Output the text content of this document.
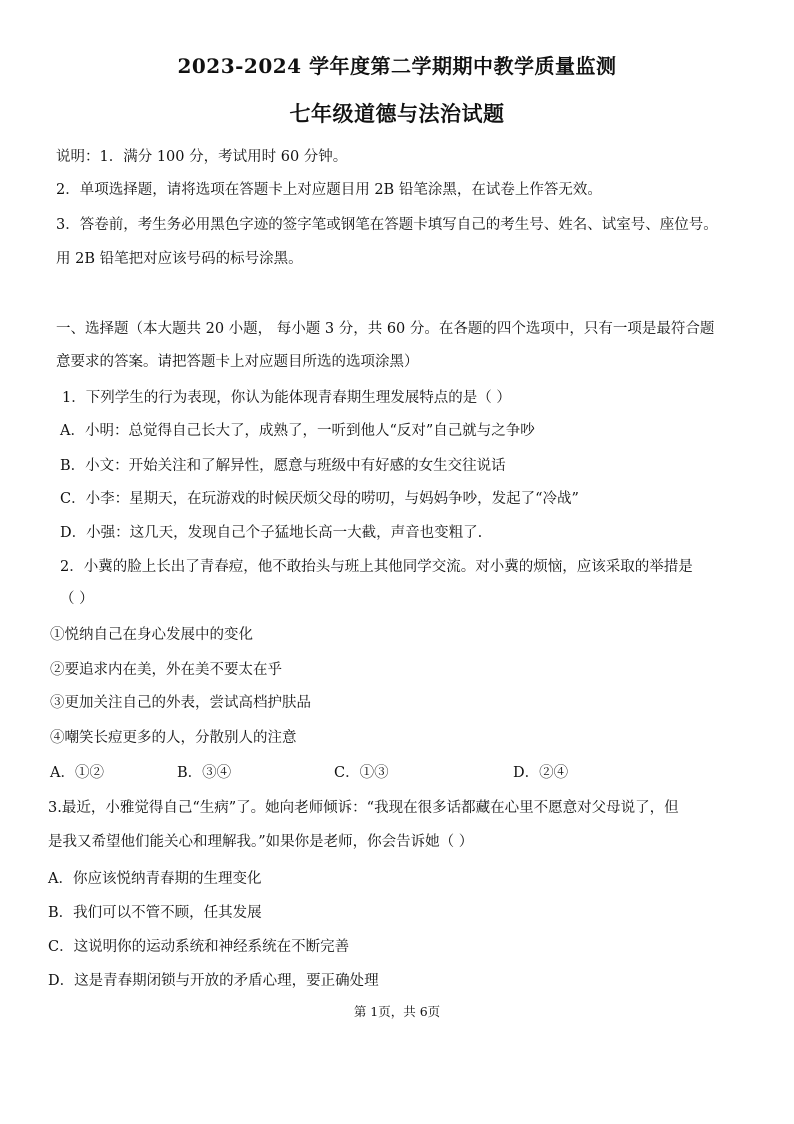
2023-2024 学年度第二学期期中教学质量监测
七年级道德与法治试题
说明：1．满分 100 分，考试用时 60 分钟。
2．单项选择题，请将选项在答题卡上对应题目用 2B 铅笔涂黑，在试卷上作答无效。
3．答卷前，考生务必用黑色字迹的签字笔或钢笔在答题卡填写自己的考生号、姓名、试室号、座位号。
用 2B 铅笔把对应该号码的标号涂黑。
一、选择题（本大题共 20 小题， 每小题 3 分，共 60 分。在各题的四个选项中，只有一项是最符合题
意要求的答案。请把答题卡上对应题目所选的选项涂黑）
1．下列学生的行为表现，你认为能体现青春期生理发展特点的是（ ）
A．小明：总觉得自己长大了，成熟了，一听到他人“反对”自己就与之争吵
B．小文：开始关注和了解异性，愿意与班级中有好感的女生交往说话
C．小李：星期天，在玩游戏的时候厌烦父母的唠叨，与妈妈争吵，发起了“冷战”
D．小强：这几天，发现自己个子猛地长高一大截，声音也变粗了.
2．小冀的脸上长出了青春痘，他不敢抬头与班上其他同学交流。对小冀的烦恼，应该采取的举措是
（ ）
①悦纳自己在身心发展中的变化
②要追求内在美，外在美不要太在乎
③更加关注自己的外表，尝试高档护肤品
④嘲笑长痘更多的人，分散别人的注意
A．①②	B．③④	C．①③	D．②④
3.最近，小雅觉得自己“生病”了。她向老师倾诉：“我现在很多话都藏在心里不愿意对父母说了，但
是我又希望他们能关心和理解我。”如果你是老师，你会告诉她（ ）
A．你应该悦纳青春期的生理变化
B．我们可以不管不顾，任其发展
C．这说明你的运动系统和神经系统在不断完善
D．这是青春期闭锁与开放的矛盾心理，要正确处理
第 1页，共 6页
